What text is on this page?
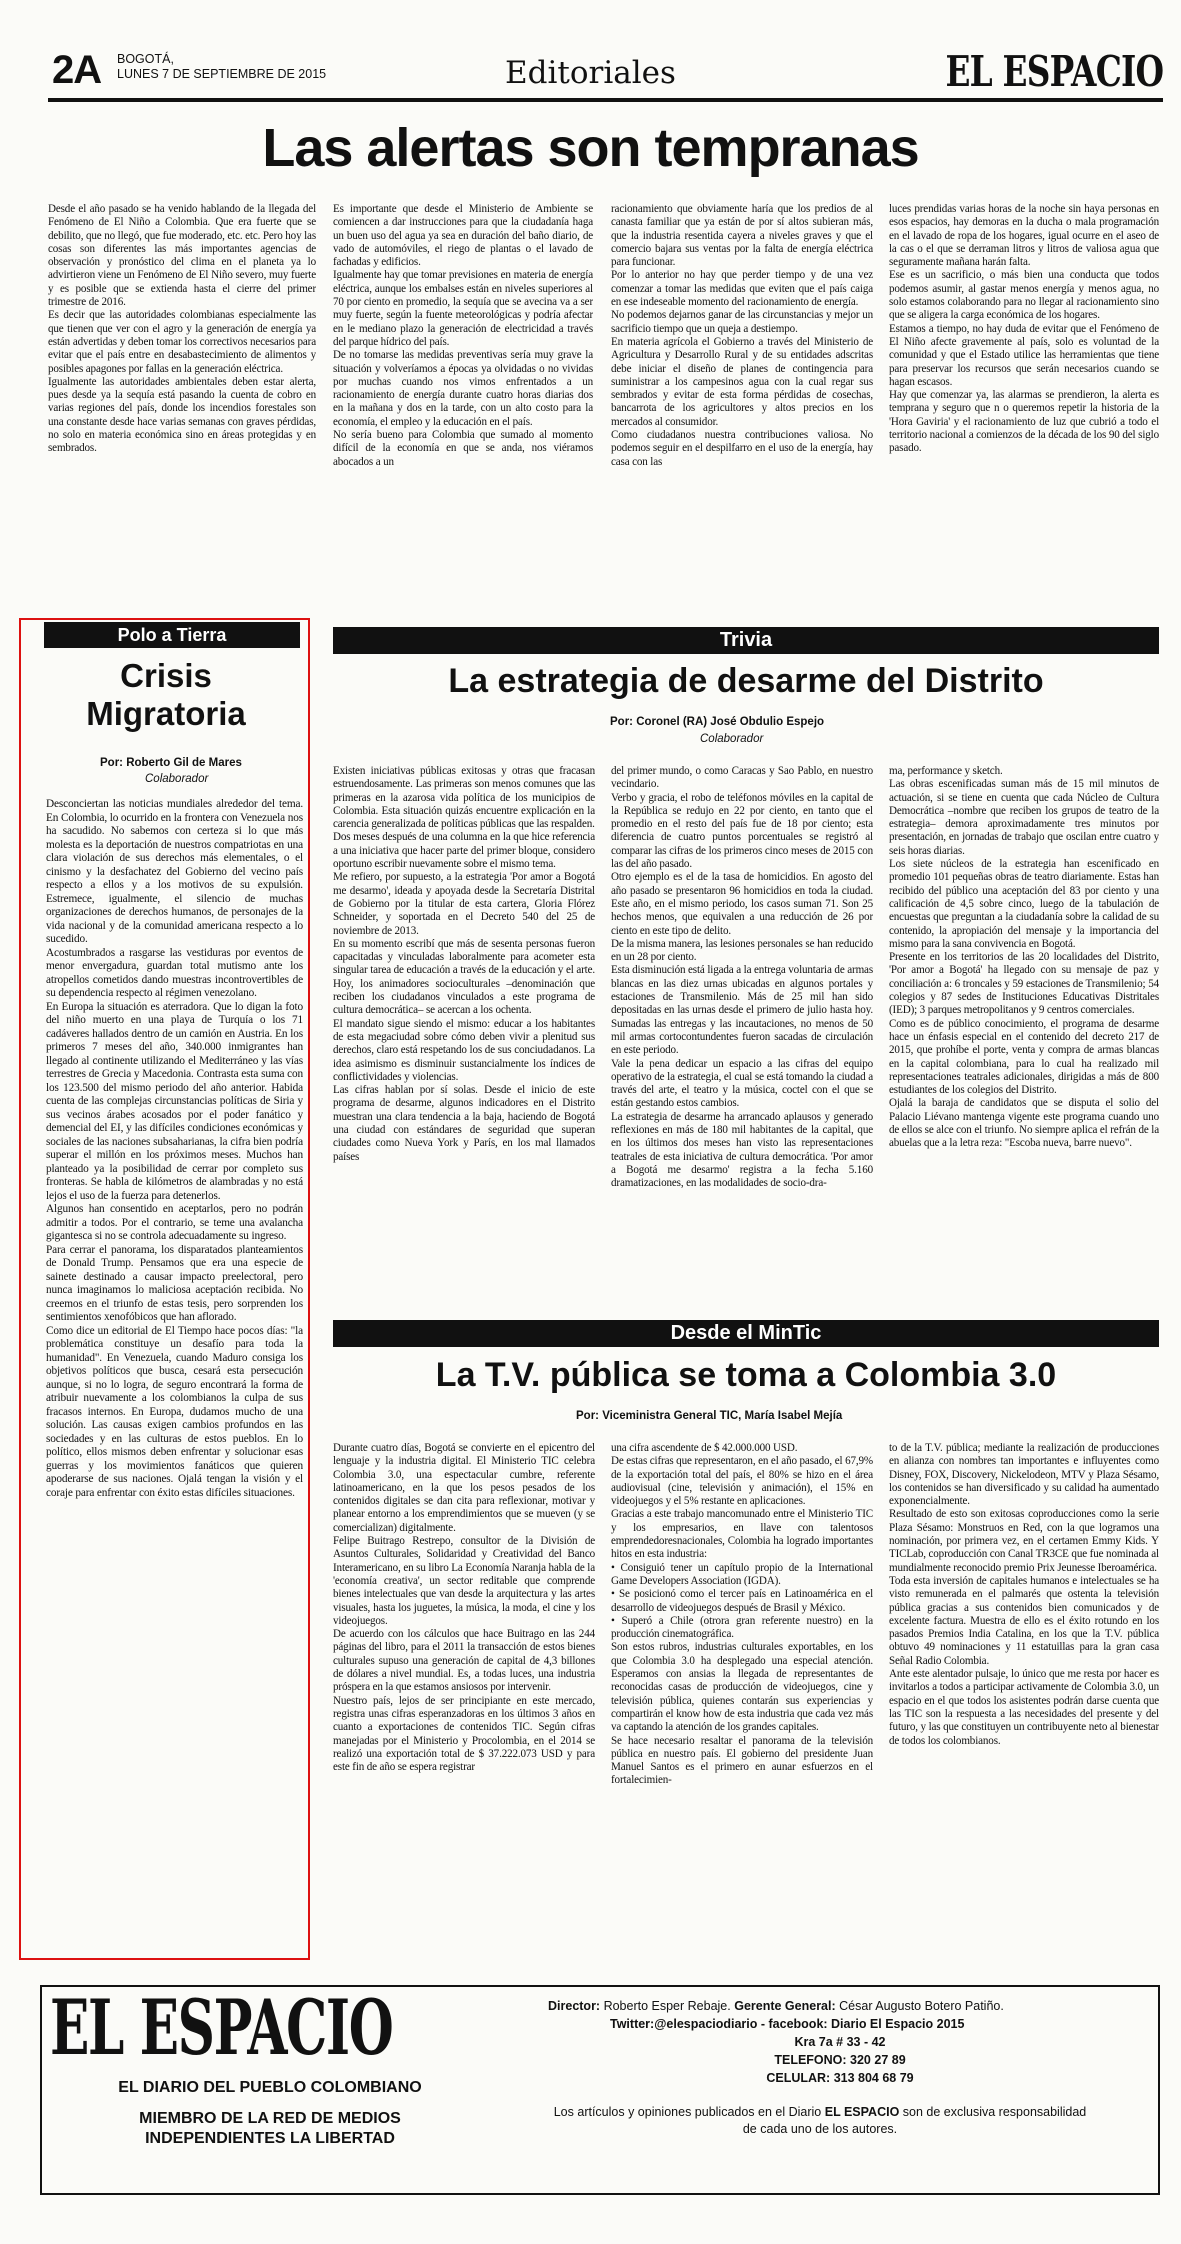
2A BOGOTÁ,
LUNES 7 DE SEPTIEMBRE DE 2015	Editoriales	EL ESPACIO
Las alertas son tempranas

Desde el año pasado se ha venido hablando de la llegada del Fenómeno de El Niño a Colombia. Que era fuerte que se debilito, que no llegó, que fue moderado, etc. etc. Pero hoy las cosas son diferentes las más importantes agencias de observación y pronóstico del clima en el planeta ya lo advirtieron viene un Fenómeno de El Niño severo, muy fuerte y es posible que se extienda hasta el cierre del primer trimestre de 2016.

Es decir que las autoridades colombianas especialmente las que tienen que ver con el agro y la generación de energía ya están advertidas y deben tomar los correctivos necesarios para evitar que el país entre en desabastecimiento de alimentos y posibles apagones por fallas en la generación eléctrica.

Igualmente las autoridades ambientales deben estar alerta, pues desde ya la sequía está pasando la cuenta de cobro en varias regiones del país, donde los incendios forestales son una constante desde hace varias semanas con graves pérdidas, no solo en materia económica sino en áreas protegidas y en sembrados.

Es importante que desde el Ministerio de Ambiente se comiencen a dar instrucciones para que la ciudadanía haga un buen uso del agua ya sea en duración del baño diario, de vado de automóviles, el riego de plantas o el lavado de fachadas y edificios.

Igualmente hay que tomar previsiones en materia de energía eléctrica, aunque los embalses están en niveles superiores al 70 por ciento en promedio, la sequía que se avecina va a ser muy fuerte, según la fuente meteorológicas y podría afectar en le mediano plazo la generación de electricidad a través del parque hídrico del país.

De no tomarse las medidas preventivas sería muy grave la situación y volveríamos a épocas ya olvidadas o no vividas por muchas cuando nos vimos enfrentados a un racionamiento de energía durante cuatro horas diarias dos en la mañana y dos en la tarde, con un alto costo para la economía, el empleo y la educación en el país.

No sería bueno para Colombia que sumado al momento difícil de la economía en que se anda, nos viéramos abocados a un

racionamiento que obviamente haría que los predios de al canasta familiar que ya están de por sí altos subieran más, que la industria resentida cayera a niveles graves y que el comercio bajara sus ventas por la falta de energía eléctrica para funcionar.

Por lo anterior no hay que perder tiempo y de una vez comenzar a tomar las medidas que eviten que el país caiga en ese indeseable momento del racionamiento de energía.

No podemos dejarnos ganar de las circunstancias y mejor un sacrificio tiempo que un queja a destiempo.

En materia agrícola el Gobierno a través del Ministerio de Agricultura y Desarrollo Rural y de su entidades adscritas debe iniciar el diseño de planes de contingencia para suministrar a los campesinos agua con la cual regar sus sembrados y evitar de esta forma pérdidas de cosechas, bancarrota de los agricultores y altos precios en los mercados al consumidor.

Como ciudadanos nuestra contribuciones valiosa. No podemos seguir en el despilfarro en el uso de la energía, hay casa con las

luces prendidas varias horas de la noche sin haya personas en esos espacios, hay demoras en la ducha o mala programación en el lavado de ropa de los hogares, igual ocurre en el aseo de la cas o el que se derraman litros y litros de valiosa agua que seguramente mañana harán falta.

Ese es un sacrificio, o más bien una conducta que todos podemos asumir, al gastar menos energía y menos agua, no solo estamos colaborando para no llegar al racionamiento sino que se aligera la carga económica de los hogares.

Estamos a tiempo, no hay duda de evitar que el Fenómeno de El Niño afecte gravemente al país, solo es voluntad de la comunidad y que el Estado utilice las herramientas que tiene para preservar los recursos que serán necesarios cuando se hagan escasos.

Hay que comenzar ya, las alarmas se prendieron, la alerta es temprana y seguro que n o queremos repetir la historia de la 'Hora Gaviria' y el racionamiento de luz que cubrió a todo el territorio nacional a comienzos de la década de los 90 del siglo pasado.

Polo a Tierra
Crisis
Migratoria
Por: Roberto Gil de Mares
Colaborador

Desconciertan las noticias mundiales alrededor del tema. En Colombia, lo ocurrido en la frontera con Venezuela nos ha sacudido. No sabemos con certeza si lo que más molesta es la deportación de nuestros compatriotas en una clara violación de sus derechos más elementales, o el cinismo y la desfachatez del Gobierno del vecino país respecto a ellos y a los motivos de su expulsión. Estremece, igualmente, el silencio de muchas organizaciones de derechos humanos, de personajes de la vida nacional y de la comunidad americana respecto a lo sucedido.

Acostumbrados a rasgarse las vestiduras por eventos de menor envergadura, guardan total mutismo ante los atropellos cometidos dando muestras incontrovertibles de su dependencia respecto al régimen venezolano.

En Europa la situación es aterradora. Que lo digan la foto del niño muerto en una playa de Turquía o los 71 cadáveres hallados dentro de un camión en Austria. En los primeros 7 meses del año, 340.000 inmigrantes han llegado al continente utilizando el Mediterráneo y las vías terrestres de Grecia y Macedonia. Contrasta esta suma con los 123.500 del mismo periodo del año anterior. Habida cuenta de las complejas circunstancias políticas de Siria y sus vecinos árabes acosados por el poder fanático y demencial del EI, y las difíciles condiciones económicas y sociales de las naciones subsaharianas, la cifra bien podría superar el millón en los próximos meses. Muchos han planteado ya la posibilidad de cerrar por completo sus fronteras. Se habla de kilómetros de alambradas y no está lejos el uso de la fuerza para detenerlos.

Algunos han consentido en aceptarlos, pero no podrán admitir a todos. Por el contrario, se teme una avalancha gigantesca si no se controla adecuadamente su ingreso.

Para cerrar el panorama, los disparatados planteamientos de Donald Trump. Pensamos que era una especie de sainete destinado a causar impacto preelectoral, pero nunca imaginamos lo maliciosa aceptación recibida. No creemos en el triunfo de estas tesis, pero sorprenden los sentimientos xenofóbicos que han aflorado.

Como dice un editorial de El Tiempo hace pocos días: "la problemática constituye un desafío para toda la humanidad". En Venezuela, cuando Maduro consiga los objetivos políticos que busca, cesará esta persecución aunque, si no lo logra, de seguro encontrará la forma de atribuir nuevamente a los colombianos la culpa de sus fracasos internos. En Europa, dudamos mucho de una solución. Las causas exigen cambios profundos en las sociedades y en las culturas de estos pueblos. En lo político, ellos mismos deben enfrentar y solucionar esas guerras y los movimientos fanáticos que quieren apoderarse de sus naciones. Ojalá tengan la visión y el coraje para enfrentar con éxito estas difíciles situaciones.

Trivia
La estrategia de desarme del Distrito
Por: Coronel (RA) José Obdulio Espejo
Colaborador

Existen iniciativas públicas exitosas y otras que fracasan estruendosamente. Las primeras son menos comunes que las primeras en la azarosa vida política de los municipios de Colombia. Esta situación quizás encuentre explicación en la carencia generalizada de políticas públicas que las respalden.

Dos meses después de una columna en la que hice referencia a una iniciativa que hacer parte del primer bloque, considero oportuno escribir nuevamente sobre el mismo tema.

Me refiero, por supuesto, a la estrategia 'Por amor a Bogotá me desarmo', ideada y apoyada desde la Secretaría Distrital de Gobierno por la titular de esta cartera, Gloria Flórez Schneider, y soportada en el Decreto 540 del 25 de noviembre de 2013.

En su momento escribí que más de sesenta personas fueron capacitadas y vinculadas laboralmente para acometer esta singular tarea de educación a través de la educación y el arte. Hoy, los animadores socioculturales –denominación que reciben los ciudadanos vinculados a este programa de cultura democrática– se acercan a los ochenta.

El mandato sigue siendo el mismo: educar a los habitantes de esta megaciudad sobre cómo deben vivir a plenitud sus derechos, claro está respetando los de sus conciudadanos. La idea asimismo es disminuir sustancialmente los índices de conflictividades y violencias.

Las cifras hablan por sí solas. Desde el inicio de este programa de desarme, algunos indicadores en el Distrito muestran una clara tendencia a la baja, haciendo de Bogotá una ciudad con estándares de seguridad que superan ciudades como Nueva York y París, en los mal llamados países

del primer mundo, o como Caracas y Sao Pablo, en nuestro vecindario.

Verbo y gracia, el robo de teléfonos móviles en la capital de la República se redujo en 22 por ciento, en tanto que el promedio en el resto del país fue de 18 por ciento; esta diferencia de cuatro puntos porcentuales se registró al comparar las cifras de los primeros cinco meses de 2015 con las del año pasado.

Otro ejemplo es el de la tasa de homicidios. En agosto del año pasado se presentaron 96 homicidios en toda la ciudad. Este año, en el mismo periodo, los casos suman 71. Son 25 hechos menos, que equivalen a una reducción de 26 por ciento en este tipo de delito.

De la misma manera, las lesiones personales se han reducido en un 28 por ciento.

Esta disminución está ligada a la entrega voluntaria de armas blancas en las diez urnas ubicadas en algunos portales y estaciones de Transmilenio. Más de 25 mil han sido depositadas en las urnas desde el primero de julio hasta hoy. Sumadas las entregas y las incautaciones, no menos de 50 mil armas cortocontundentes fueron sacadas de circulación en este periodo.

Vale la pena dedicar un espacio a las cifras del equipo operativo de la estrategia, el cual se está tomando la ciudad a través del arte, el teatro y la música, coctel con el que se están gestando estos cambios.

La estrategia de desarme ha arrancado aplausos y generado reflexiones en más de 180 mil habitantes de la capital, que en los últimos dos meses han visto las representaciones teatrales de esta iniciativa de cultura democrática. 'Por amor a Bogotá me desarmo' registra a la fecha 5.160 dramatizaciones, en las modalidades de socio-dra-

ma, performance y sketch.

Las obras escenificadas suman más de 15 mil minutos de actuación, si se tiene en cuenta que cada Núcleo de Cultura Democrática –nombre que reciben los grupos de teatro de la estrategia– demora aproximadamente tres minutos por presentación, en jornadas de trabajo que oscilan entre cuatro y seis horas diarias.

Los siete núcleos de la estrategia han escenificado en promedio 101 pequeñas obras de teatro diariamente. Estas han recibido del público una aceptación del 83 por ciento y una calificación de 4,5 sobre cinco, luego de la tabulación de encuestas que preguntan a la ciudadanía sobre la calidad de su contenido, la apropiación del mensaje y la importancia del mismo para la sana convivencia en Bogotá.

Presente en los territorios de las 20 localidades del Distrito, 'Por amor a Bogotá' ha llegado con su mensaje de paz y conciliación a: 6 troncales y 59 estaciones de Transmilenio; 54 colegios y 87 sedes de Instituciones Educativas Distritales (IED); 3 parques metropolitanos y 9 centros comerciales.

Como es de público conocimiento, el programa de desarme hace un énfasis especial en el contenido del decreto 217 de 2015, que prohíbe el porte, venta y compra de armas blancas en la capital colombiana, para lo cual ha realizado mil representaciones teatrales adicionales, dirigidas a más de 800 estudiantes de los colegios del Distrito.

Ojalá la baraja de candidatos que se disputa el solio del Palacio Liévano mantenga vigente este programa cuando uno de ellos se alce con el triunfo. No siempre aplica el refrán de la abuelas que a la letra reza: "Escoba nueva, barre nuevo".

Desde el MinTic
La T.V. pública se toma a Colombia 3.0
Por: Viceministra General TIC, María Isabel Mejía

Durante cuatro días, Bogotá se convierte en el epicentro del lenguaje y la industria digital. El Ministerio TIC celebra Colombia 3.0, una espectacular cumbre, referente latinoamericano, en la que los pesos pesados de los contenidos digitales se dan cita para reflexionar, motivar y planear entorno a los emprendimientos que se mueven (y se comercializan) digitalmente.

Felipe Buitrago Restrepo, consultor de la División de Asuntos Culturales, Solidaridad y Creatividad del Banco Interamericano, en su libro La Economía Naranja habla de la 'economía creativa', un sector reditable que comprende bienes intelectuales que van desde la arquitectura y las artes visuales, hasta los juguetes, la música, la moda, el cine y los videojuegos.

De acuerdo con los cálculos que hace Buitrago en las 244 páginas del libro, para el 2011 la transacción de estos bienes culturales supuso una generación de capital de 4,3 billones de dólares a nivel mundial. Es, a todas luces, una industria próspera en la que estamos ansiosos por intervenir.

Nuestro país, lejos de ser principiante en este mercado, registra unas cifras esperanzadoras en los últimos 3 años en cuanto a exportaciones de contenidos TIC. Según cifras manejadas por el Ministerio y Procolombia, en el 2014 se realizó una exportación total de $ 37.222.073 USD y para este fin de año se espera registrar

una cifra ascendente de $ 42.000.000 USD.

De estas cifras que representaron, en el año pasado, el 67,9% de la exportación total del país, el 80% se hizo en el área audiovisual (cine, televisión y animación), el 15% en videojuegos y el 5% restante en aplicaciones.

Gracias a este trabajo mancomunado entre el Ministerio TIC y los empresarios, en llave con talentosos emprendedoresnacionales, Colombia ha logrado importantes hitos en esta industria:

• Consiguió tener un capítulo propio de la International Game Developers Association (IGDA).

• Se posicionó como el tercer país en Latinoamérica en el desarrollo de videojuegos después de Brasil y México.

• Superó a Chile (otrora gran referente nuestro) en la producción cinematográfica.

Son estos rubros, industrias culturales exportables, en los que Colombia 3.0 ha desplegado una especial atención. Esperamos con ansias la llegada de representantes de reconocidas casas de producción de videojuegos, cine y televisión pública, quienes contarán sus experiencias y compartirán el know how de esta industria que cada vez más va captando la atención de los grandes capitales.

Se hace necesario resaltar el panorama de la televisión pública en nuestro país. El gobierno del presidente Juan Manuel Santos es el primero en aunar esfuerzos en el fortalecimien-

to de la T.V. pública; mediante la realización de producciones en alianza con nombres tan importantes e influyentes como Disney, FOX, Discovery, Nickelodeon, MTV y Plaza Sésamo, los contenidos se han diversificado y su calidad ha aumentado exponencialmente.

Resultado de esto son exitosas coproducciones como la serie Plaza Sésamo: Monstruos en Red, con la que logramos una nominación, por primera vez, en el certamen Emmy Kids. Y TICLab, coproducción con Canal TR3CE que fue nominada al mundialmente reconocido premio Prix Jeunesse Iberoamérica.

Toda esta inversión de capitales humanos e intelectuales se ha visto remunerada en el palmarés que ostenta la televisión pública gracias a sus contenidos bien comunicados y de excelente factura. Muestra de ello es el éxito rotundo en los pasados Premios India Catalina, en los que la T.V. pública obtuvo 49 nominaciones y 11 estatuillas para la gran casa Señal Radio Colombia.

Ante este alentador pulsaje, lo único que me resta por hacer es invitarlos a todos a participar activamente de Colombia 3.0, un espacio en el que todos los asistentes podrán darse cuenta que las TIC son la respuesta a las necesidades del presente y del futuro, y las que constituyen un contribuyente neto al bienestar de todos los colombianos.

EL ESPACIO
EL DIARIO DEL PUEBLO COLOMBIANO
MIEMBRO DE LA RED DE MEDIOS
INDEPENDIENTES LA LIBERTAD
Director: Roberto Esper Rebaje. Gerente General: César Augusto Botero Patiño.
Twitter:@elespaciodiario - facebook: Diario El Espacio 2015
Kra 7a # 33 - 42
TELEFONO: 320 27 89
CELULAR: 313 804 68 79
Los artículos y opiniones publicados en el Diario EL ESPACIO son de exclusiva responsabilidad
de cada uno de los autores.
